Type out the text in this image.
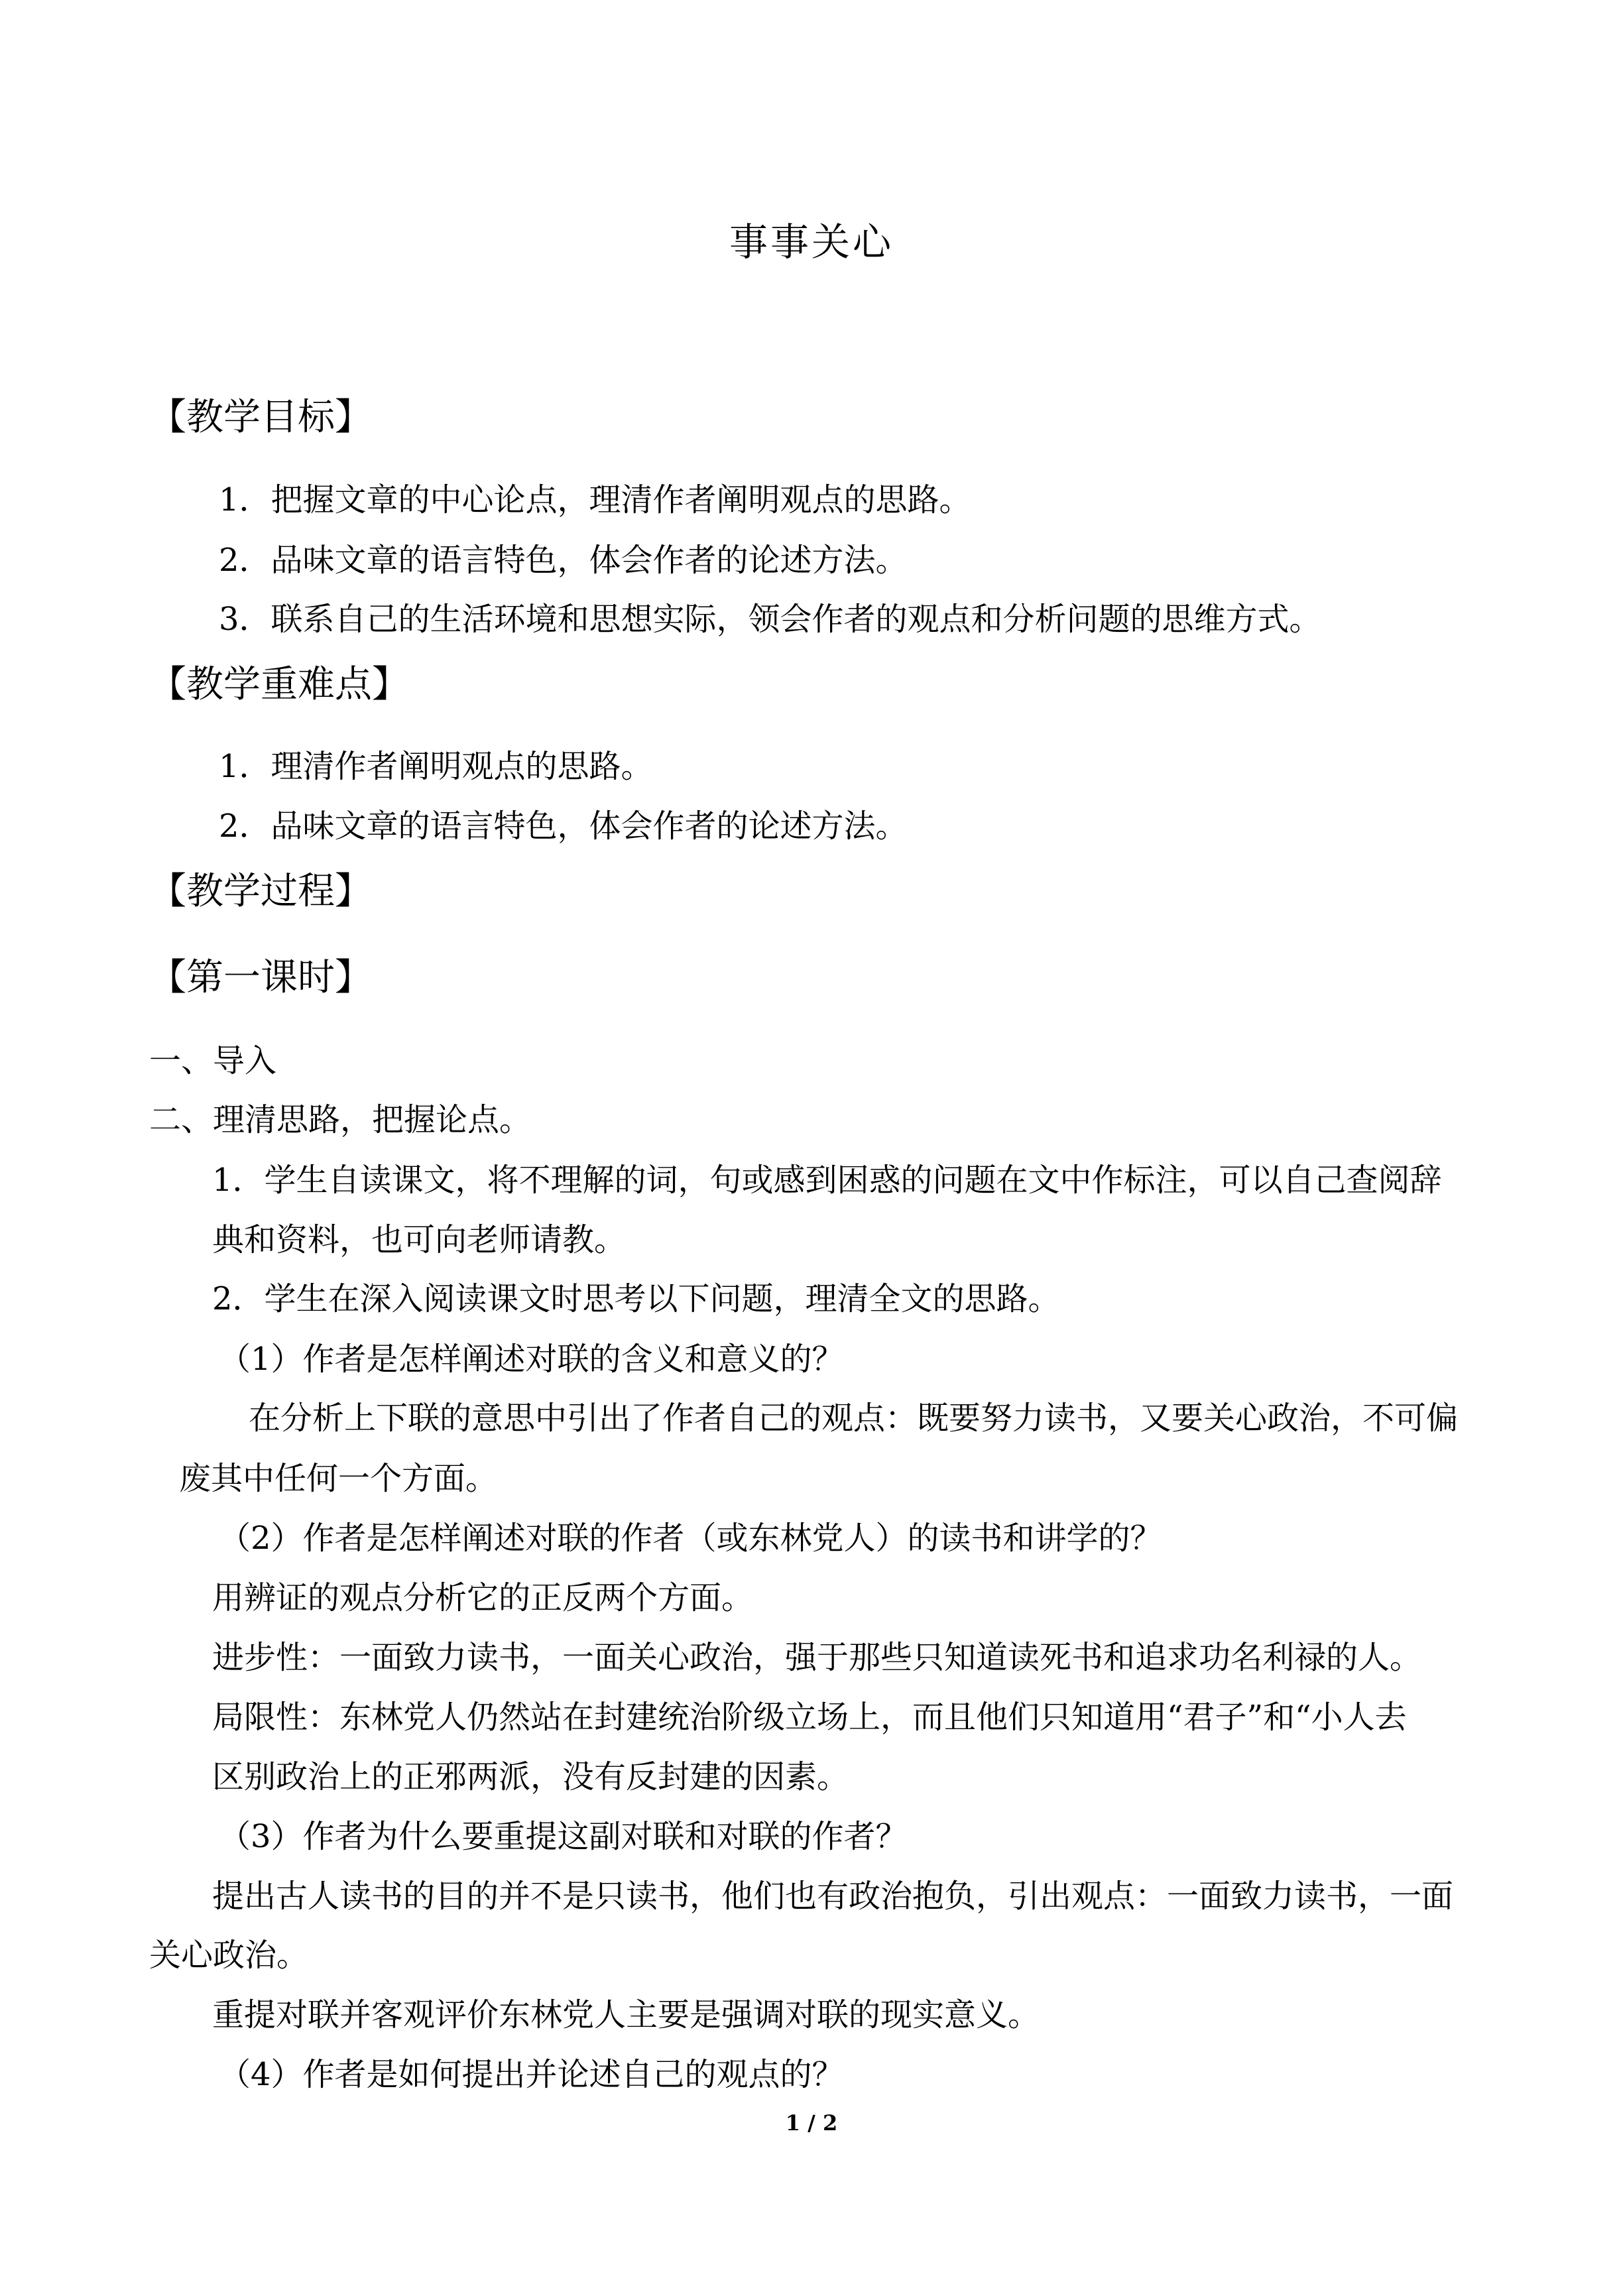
事事关心
【教学目标】
1．把握文章的中心论点，理清作者阐明观点的思路。
2．品味文章的语言特色，体会作者的论述方法。
3．联系自己的生活环境和思想实际，领会作者的观点和分析问题的思维方式。
【教学重难点】
1．理清作者阐明观点的思路。
2．品味文章的语言特色，体会作者的论述方法。
【教学过程】
【第一课时】
一、导入
二、理清思路，把握论点。
1．学生自读课文，将不理解的词，句或感到困惑的问题在文中作标注，可以自己查阅辞
典和资料，也可向老师请教。
2．学生在深入阅读课文时思考以下问题，理清全文的思路。
（1）作者是怎样阐述对联的含义和意义的？
在分析上下联的意思中引出了作者自己的观点：既要努力读书，又要关心政治，不可偏
废其中任何一个方面。
（2）作者是怎样阐述对联的作者（或东林党人）的读书和讲学的？
用辨证的观点分析它的正反两个方面。
进步性：一面致力读书，一面关心政治，强于那些只知道读死书和追求功名利禄的人。
局限性：东林党人仍然站在封建统治阶级立场上，而且他们只知道用“君子”和“小人去
区别政治上的正邪两派，没有反封建的因素。
（3）作者为什么要重提这副对联和对联的作者？
提出古人读书的目的并不是只读书，他们也有政治抱负，引出观点：一面致力读书，一面
关心政治。
重提对联并客观评价东林党人主要是强调对联的现实意义。
（4）作者是如何提出并论述自己的观点的？
1 / 2
